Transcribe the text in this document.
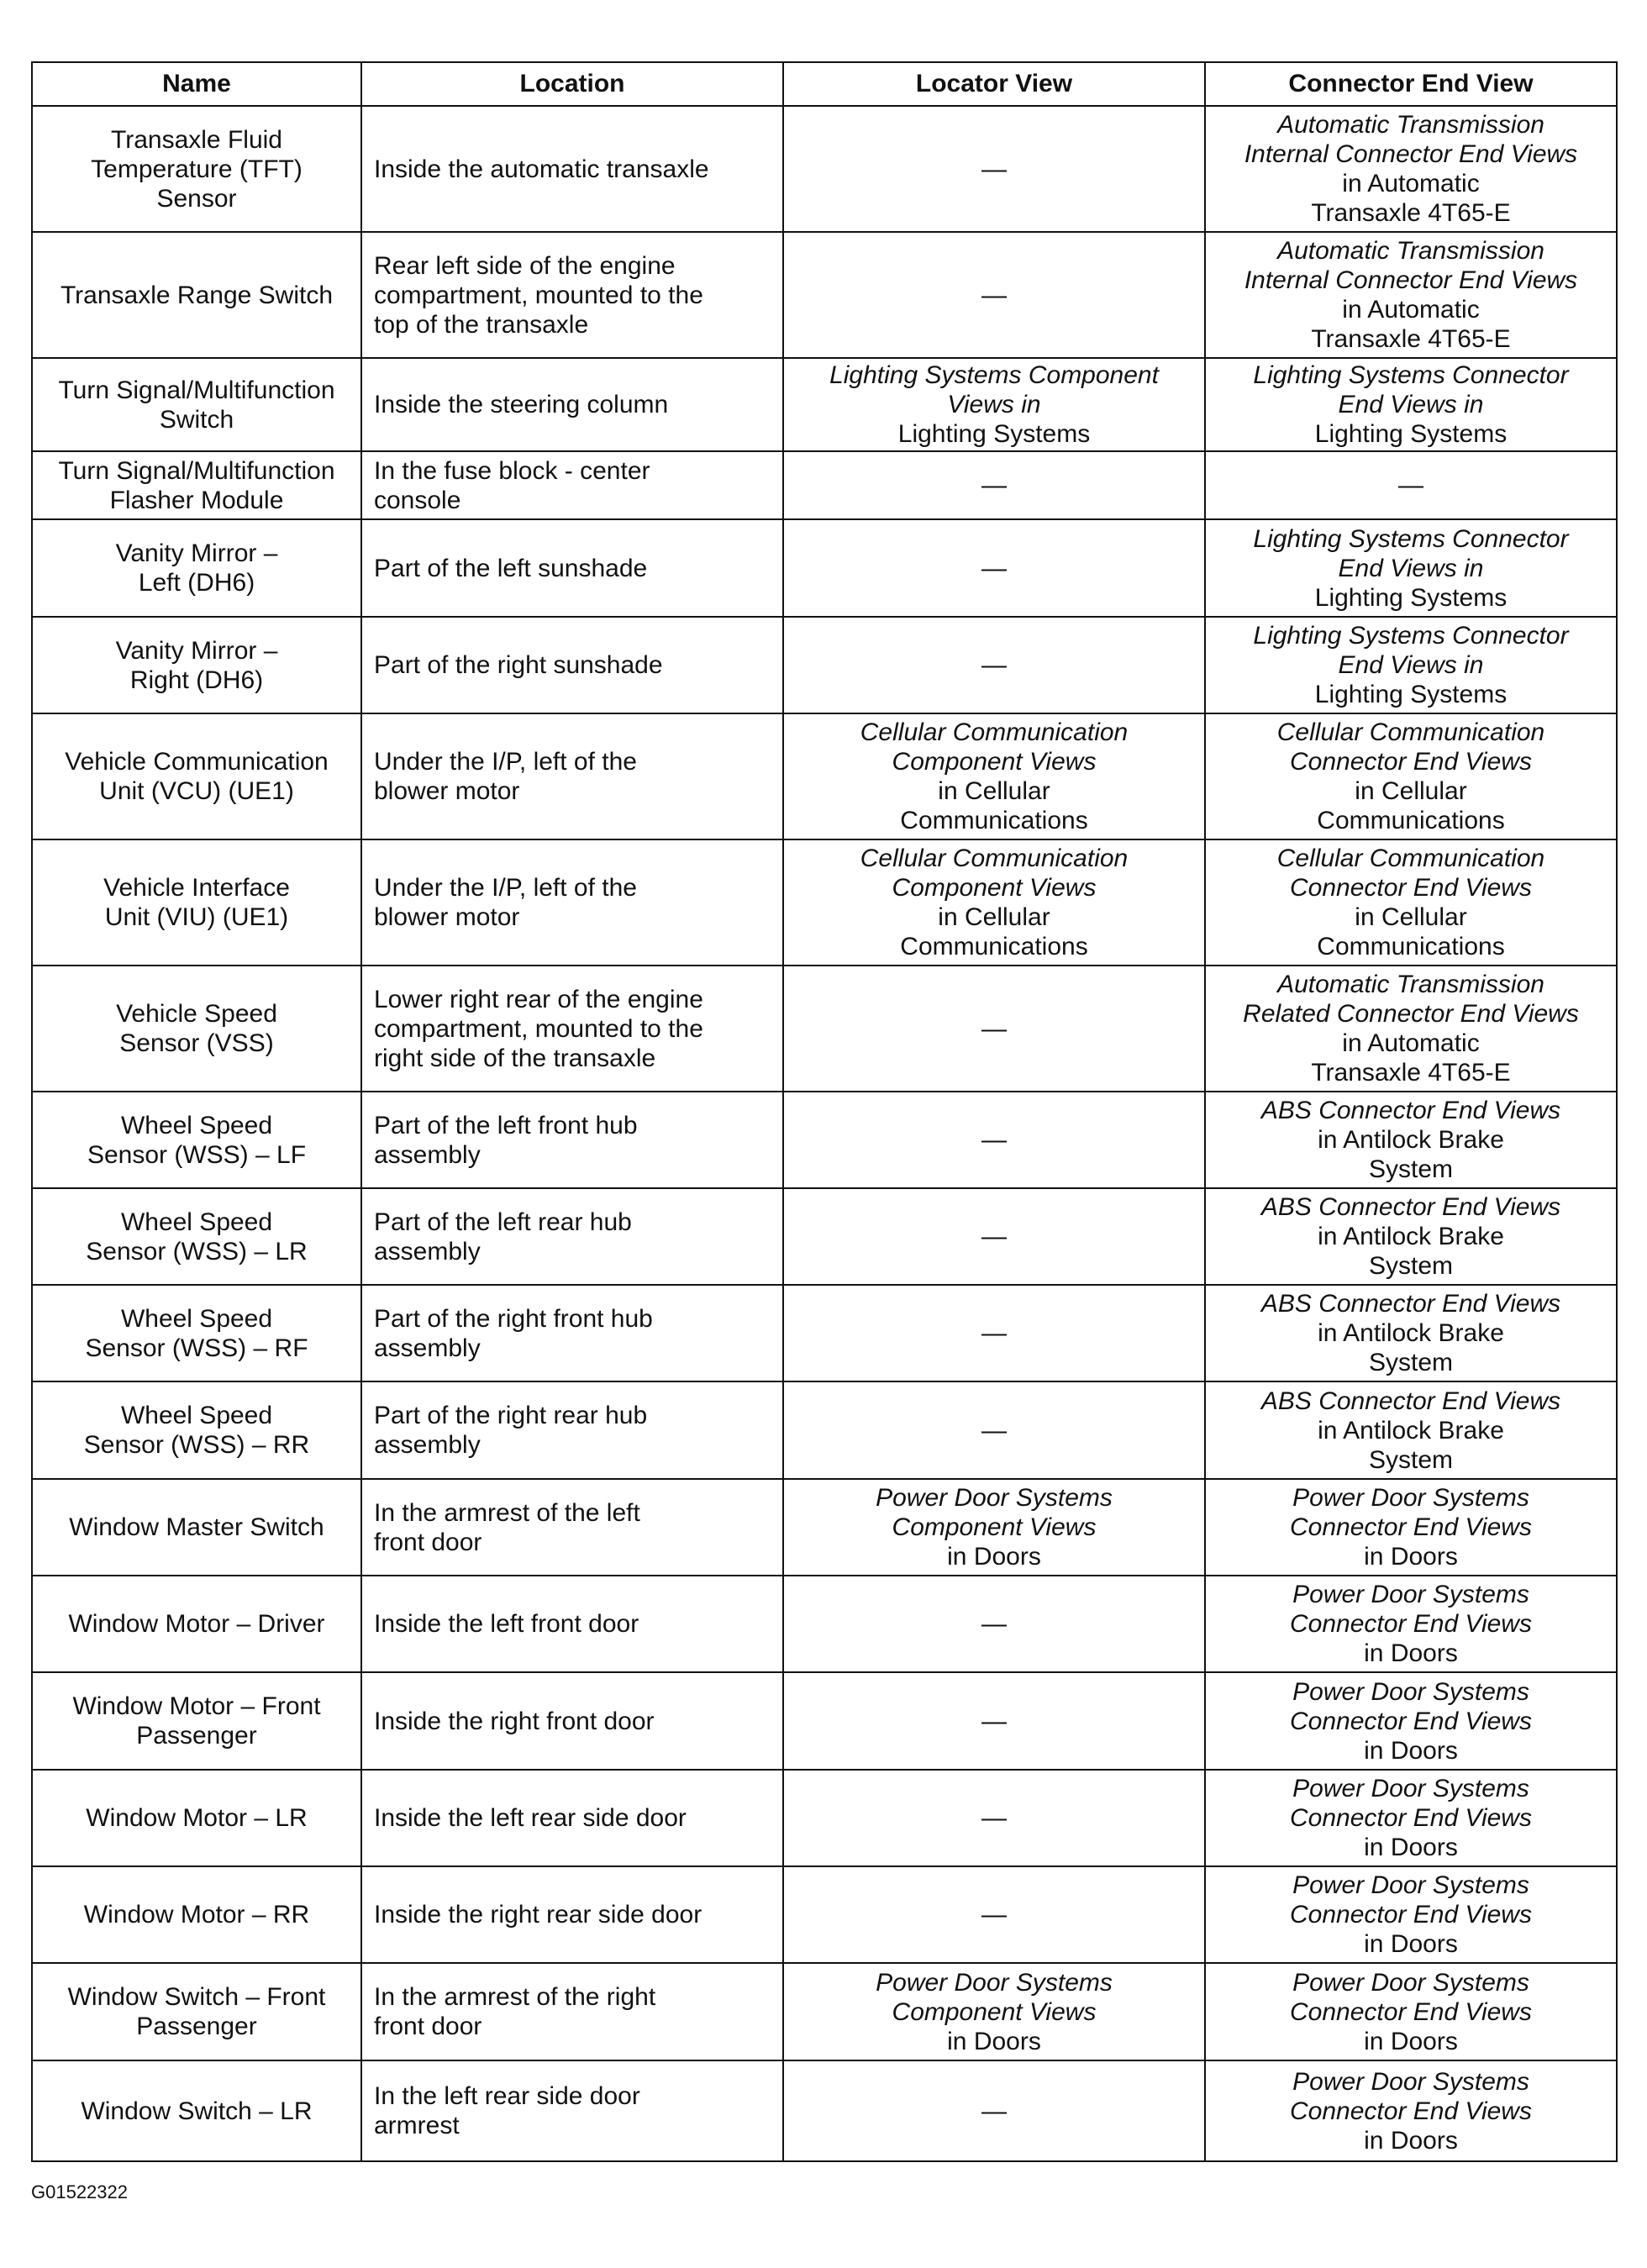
Name	Location	Locator View	Connector End View

Transaxle Fluid
Temperature (TFT)
Sensor	Inside the automatic transaxle	—	Automatic Transmission
Internal Connector End Views
in Automatic
Transaxle 4T65-E

Transaxle Range Switch	Rear left side of the engine
compartment, mounted to the
top of the transaxle	—	Automatic Transmission
Internal Connector End Views
in Automatic
Transaxle 4T65-E

Turn Signal/Multifunction
Switch	Inside the steering column	Lighting Systems Component
Views in
Lighting Systems	Lighting Systems Connector
End Views in
Lighting Systems

Turn Signal/Multifunction
Flasher Module	In the fuse block - center
console	—	—

Vanity Mirror –
Left (DH6)	Part of the left sunshade	—	Lighting Systems Connector
End Views in
Lighting Systems

Vanity Mirror –
Right (DH6)	Part of the right sunshade	—	Lighting Systems Connector
End Views in
Lighting Systems

Vehicle Communication
Unit (VCU) (UE1)	Under the I/P, left of the
blower motor	Cellular Communication
Component Views
in Cellular
Communications	Cellular Communication
Connector End Views
in Cellular
Communications

Vehicle Interface
Unit (VIU) (UE1)	Under the I/P, left of the
blower motor	Cellular Communication
Component Views
in Cellular
Communications	Cellular Communication
Connector End Views
in Cellular
Communications

Vehicle Speed
Sensor (VSS)	Lower right rear of the engine
compartment, mounted to the
right side of the transaxle	—	Automatic Transmission
Related Connector End Views
in Automatic
Transaxle 4T65-E

Wheel Speed
Sensor (WSS) – LF	Part of the left front hub
assembly	—	ABS Connector End Views
in Antilock Brake
System

Wheel Speed
Sensor (WSS) – LR	Part of the left rear hub
assembly	—	ABS Connector End Views
in Antilock Brake
System

Wheel Speed
Sensor (WSS) – RF	Part of the right front hub
assembly	—	ABS Connector End Views
in Antilock Brake
System

Wheel Speed
Sensor (WSS) – RR	Part of the right rear hub
assembly	—	ABS Connector End Views
in Antilock Brake
System

Window Master Switch	In the armrest of the left
front door	Power Door Systems
Component Views
in Doors	Power Door Systems
Connector End Views
in Doors

Window Motor – Driver	Inside the left front door	—	Power Door Systems
Connector End Views
in Doors

Window Motor – Front
Passenger	Inside the right front door	—	Power Door Systems
Connector End Views
in Doors

Window Motor – LR	Inside the left rear side door	—	Power Door Systems
Connector End Views
in Doors

Window Motor – RR	Inside the right rear side door	—	Power Door Systems
Connector End Views
in Doors

Window Switch – Front
Passenger	In the armrest of the right
front door	Power Door Systems
Component Views
in Doors	Power Door Systems
Connector End Views
in Doors

Window Switch – LR	In the left rear side door
armrest	—	Power Door Systems
Connector End Views
in Doors
G01522322
